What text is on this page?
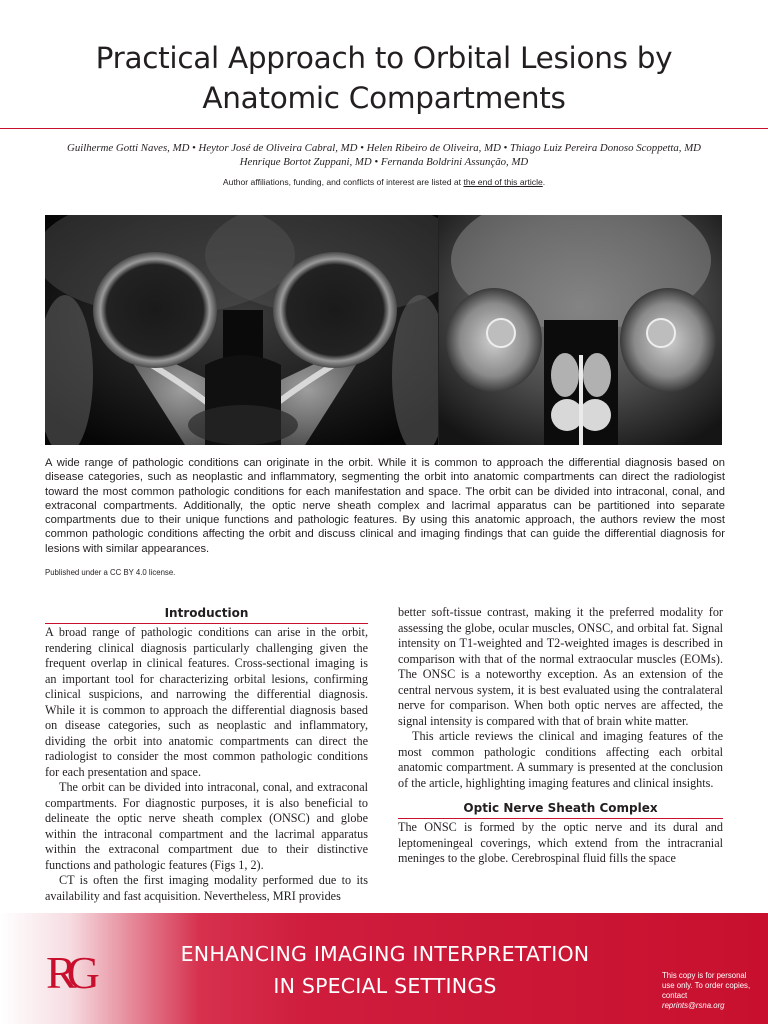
Practical Approach to Orbital Lesions by
Anatomic Compartments
Guilherme Gotti Naves, MD • Heytor José de Oliveira Cabral, MD • Helen Ribeiro de Oliveira, MD • Thiago Luiz Pereira Donoso Scoppetta, MD
Henrique Bortot Zuppani, MD • Fernanda Boldrini Assunção, MD
Author affiliations, funding, and conflicts of interest are listed at the end of this article.
A wide range of pathologic conditions can originate in the orbit. While it is common to approach the differential diagnosis based on disease categories, such as neoplastic and inflammatory, segmenting the orbit into anatomic compartments can direct the radiologist toward the most common pathologic conditions for each manifestation and space. The orbit can be divided into intraconal, conal, and extraconal compartments. Additionally, the optic nerve sheath complex and lacrimal apparatus can be partitioned into separate compartments due to their unique functions and pathologic features. By using this anatomic approach, the authors review the most common pathologic conditions affecting the orbit and discuss clinical and imaging findings that can guide the differential diagnosis for lesions with similar appearances.
Published under a CC BY 4.0 license.
Introduction

A broad range of pathologic conditions can arise in the orbit, rendering clinical diagnosis particularly challenging given the frequent overlap in clinical features. Cross-sectional imaging is an important tool for characterizing orbital lesions, confirming clinical suspicions, and narrowing the differential diagnosis. While it is common to approach the differential diagnosis based on disease categories, such as neoplastic and inflammatory, dividing the orbit into anatomic compartments can direct the radiologist to consider the most common pathologic conditions for each presentation and space.

The orbit can be divided into intraconal, conal, and extraconal compartments. For diagnostic purposes, it is also beneficial to delineate the optic nerve sheath complex (ONSC) and globe within the intraconal compartment and the lacrimal apparatus within the extraconal compartment due to their distinctive functions and pathologic features (Figs 1, 2).

CT is often the first imaging modality performed due to its availability and fast acquisition. Nevertheless, MRI provides

better soft-tissue contrast, making it the preferred modality for assessing the globe, ocular muscles, ONSC, and orbital fat. Signal intensity on T1-weighted and T2-weighted images is described in comparison with that of the normal extraocular muscles (EOMs). The ONSC is a noteworthy exception. As an extension of the central nervous system, it is best evaluated using the contralateral nerve for comparison. When both optic nerves are affected, the signal intensity is compared with that of brain white matter.

This article reviews the clinical and imaging features of the most common pathologic conditions affecting each orbital anatomic compartment. A summary is presented at the conclusion of the article, highlighting imaging features and clinical insights.

Optic Nerve Sheath Complex

The ONSC is formed by the optic nerve and its dural and leptomeningeal coverings, which extend from the intracranial meninges to the globe. Cerebrospinal fluid fills the space

RG	ENHANCING IMAGING INTERPRETATION
IN SPECIAL SETTINGS	This copy is for personal
use only. To order copies,
contact
reprints@rsna.org
